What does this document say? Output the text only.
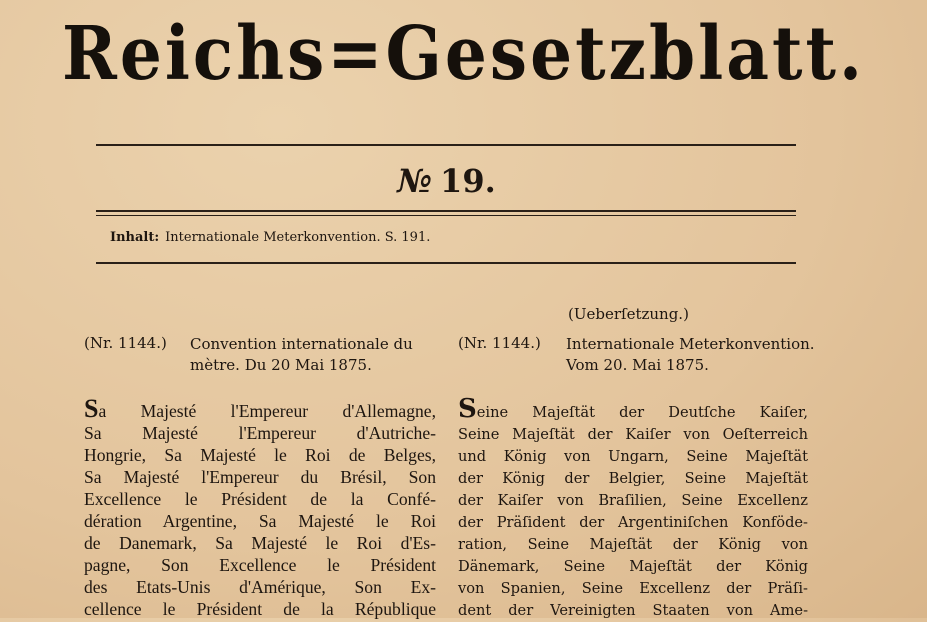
Reichs=Gesetzblatt.
№ 19.
Inhalt: Internationale Meterkonvention. S. 191.
(Ueberſetzung.)
(Nr. 1144.) Convention internationale du
mètre. Du 20 Mai 1875.
(Nr. 1144.) Internationale Meterkonvention.
Vom 20. Mai 1875.
Sa Majesté l'Empereur d'Allemagne,
Sa Majesté l'Empereur d'Autriche-
Hongrie, Sa Majesté le Roi de Belges,
Sa Majesté l'Empereur du Brésil, Son
Excellence le Président de la Confé-
dération Argentine, Sa Majesté le Roi
de Danemark, Sa Majesté le Roi d'Es-
pagne, Son Excellence le Président
des Etats-Unis d'Amérique, Son Ex-
cellence le Président de la République
Seine Majeſtät der Deutſche Kaiſer,
Seine Majeſtät der Kaiſer von Oeſterreich
und König von Ungarn, Seine Majeſtät
der König der Belgier, Seine Majeſtät
der Kaiſer von Braſilien, Seine Excellenz
der Präſident der Argentiniſchen Konföde-
ration, Seine Majeſtät der König von
Dänemark, Seine Majeſtät der König
von Spanien, Seine Excellenz der Präſi-
dent der Vereinigten Staaten von Ame-
